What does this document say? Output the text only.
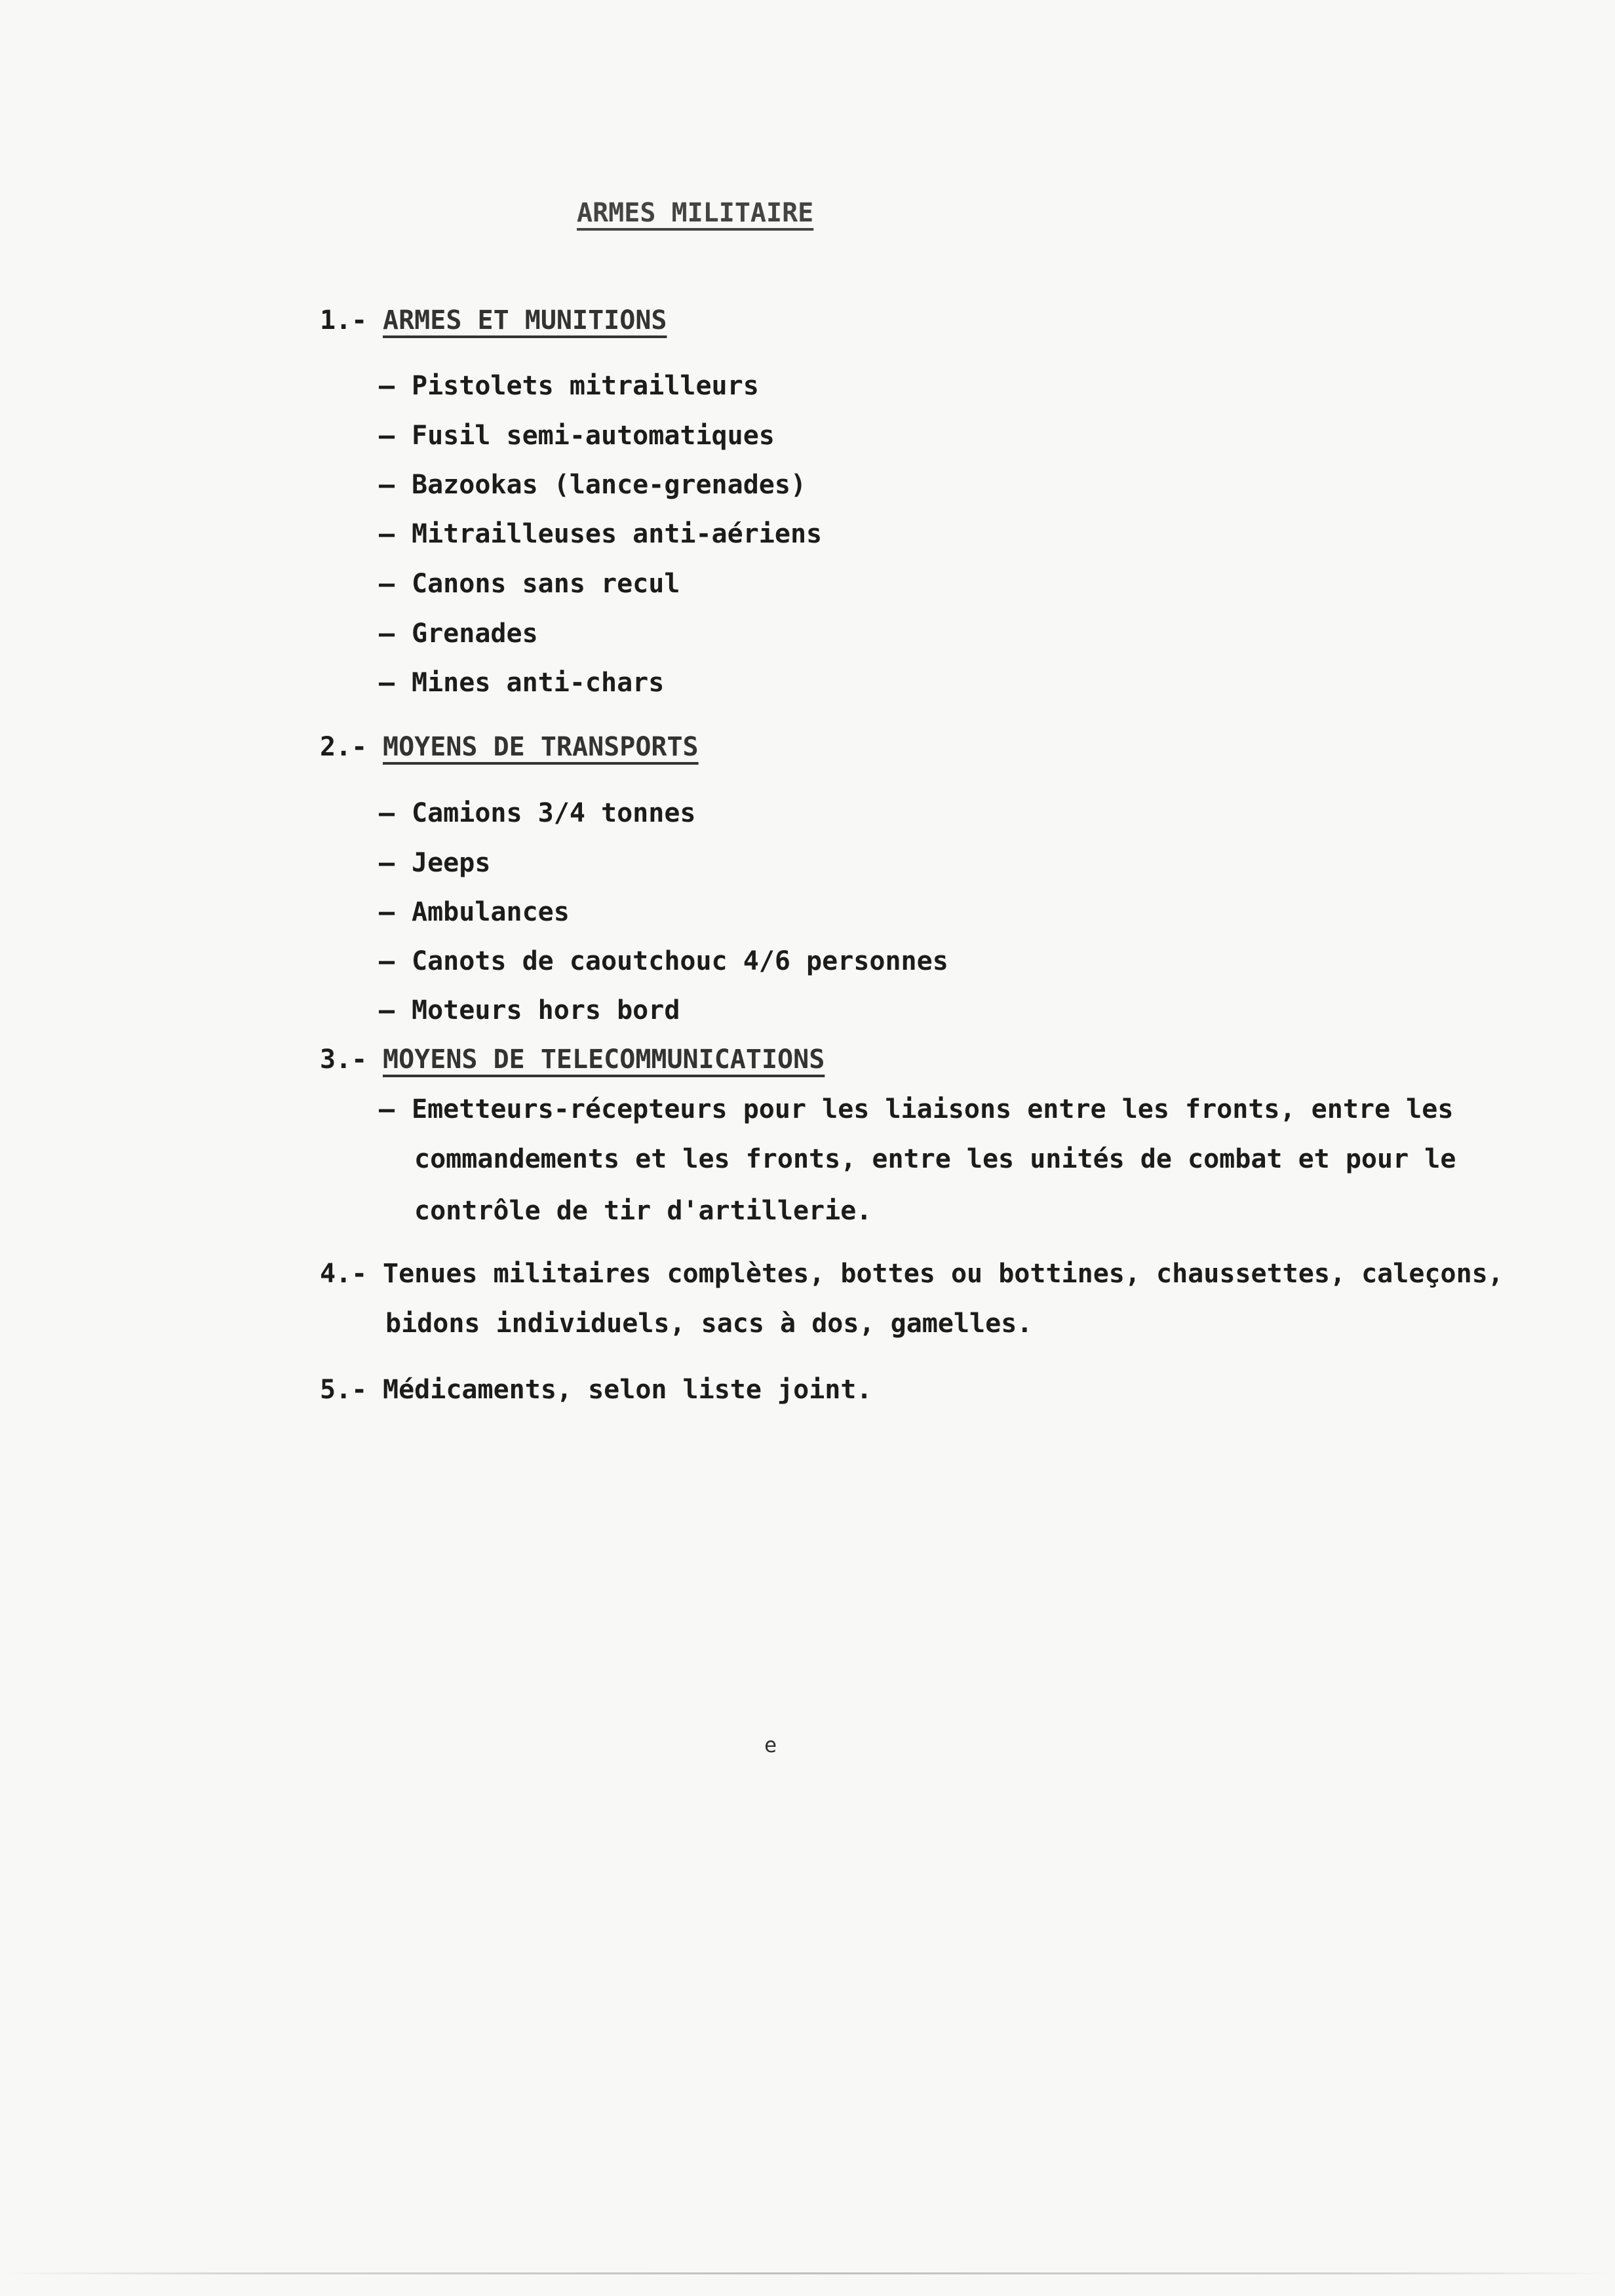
ARMES MILITAIRE
1.- ARMES ET MUNITIONS
– Pistolets mitrailleurs
– Fusil semi-automatiques
– Bazookas (lance-grenades)
– Mitrailleuses anti-aériens
– Canons sans recul
– Grenades
– Mines anti-chars
2.- MOYENS DE TRANSPORTS
– Camions 3/4 tonnes
– Jeeps
– Ambulances
– Canots de caoutchouc 4/6 personnes
– Moteurs hors bord
3.- MOYENS DE TELECOMMUNICATIONS
– Emetteurs-récepteurs pour les liaisons entre les fronts, entre les
commandements et les fronts, entre les unités de combat et pour le
contrôle de tir d'artillerie.
4.- Tenues militaires complètes, bottes ou bottines, chaussettes, caleçons,
bidons individuels, sacs à dos, gamelles.
5.- Médicaments, selon liste joint.
e
